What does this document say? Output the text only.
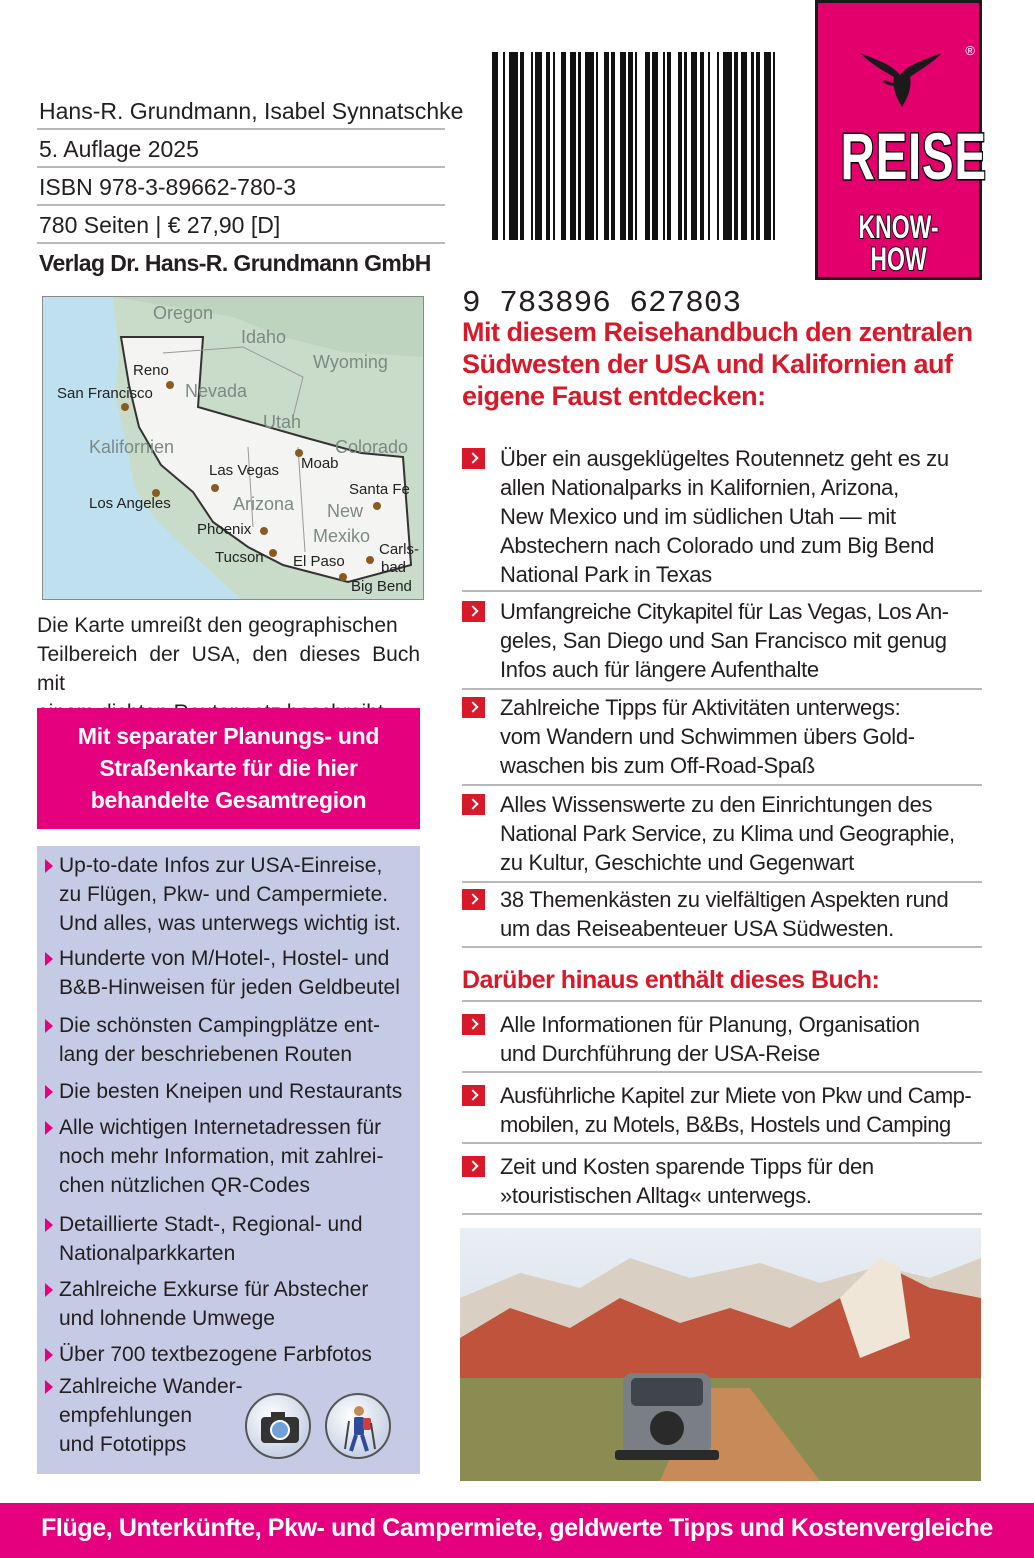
Hans-R. Grundmann, Isabel Synnatschke
5. Auflage 2025
ISBN 978-3-89662-780-3
780 Seiten | € 27,90 [D]
Verlag Dr. Hans-R. Grundmann GmbH
9 783896 627803
®
REISE
KNOW-HOW
Oregon
Idaho
Wyoming
Nevada
Utah
Colorado
Kalifornien
Arizona New
Mexiko
Reno
San Francisco
Las Vegas Moab
Santa Fe
Los Angeles
Phoenix
Tucson El Paso
Carls-
bad
Big Bend
Die Karte umreißt den geographischen
Teilbereich der USA, den dieses Buch mit
Mit separater Planungs- und
Straßenkarte für die hier
behandelte Gesamtregion
Up-to-date Infos zur USA-Einreise,
zu Flügen, Pkw- und Campermiete.
Und alles, was unterwegs wichtig ist.
Hunderte von M/Hotel-, Hostel- und
B&B-Hinweisen für jeden Geldbeutel
Die schönsten Campingplätze ent-
lang der beschriebenen Routen
Die besten Kneipen und Restaurants
Alle wichtigen Internetadressen für
noch mehr Information, mit zahlrei-
chen nützlichen QR-Codes
Detaillierte Stadt-, Regional- und
Nationalparkkarten
Zahlreiche Exkurse für Abstecher
und lohnende Umwege
Über 700 textbezogene Farbfotos
Zahlreiche Wander-
empfehlungen
und Fototipps
Mit diesem Reisehandbuch den zentralen
Südwesten der USA und Kalifornien auf
eigene Faust entdecken:
Über ein ausgeklügeltes Routennetz geht es zu
allen Nationalparks in Kalifornien, Arizona,
New Mexico und im südlichen Utah — mit
Abstechern nach Colorado und zum Big Bend
National Park in Texas
Umfangreiche Citykapitel für Las Vegas, Los An-
geles, San Diego und San Francisco mit genug
Infos auch für längere Aufenthalte
Zahlreiche Tipps für Aktivitäten unterwegs:
vom Wandern und Schwimmen übers Gold-
waschen bis zum Off-Road-Spaß
Alles Wissenswerte zu den Einrichtungen des
National Park Service, zu Klima und Geographie,
zu Kultur, Geschichte und Gegenwart
38 Themenkästen zu vielfältigen Aspekten rund
um das Reiseabenteuer USA Südwesten.
Darüber hinaus enthält dieses Buch:
Alle Informationen für Planung, Organisation
und Durchführung der USA-Reise
Ausführliche Kapitel zur Miete von Pkw und Camp-
mobilen, zu Motels, B&Bs, Hostels und Camping
Zeit und Kosten sparende Tipps für den
»touristischen Alltag« unterwegs.
Flüge, Unterkünfte, Pkw- und Campermiete, geldwerte Tipps und Kostenvergleiche
